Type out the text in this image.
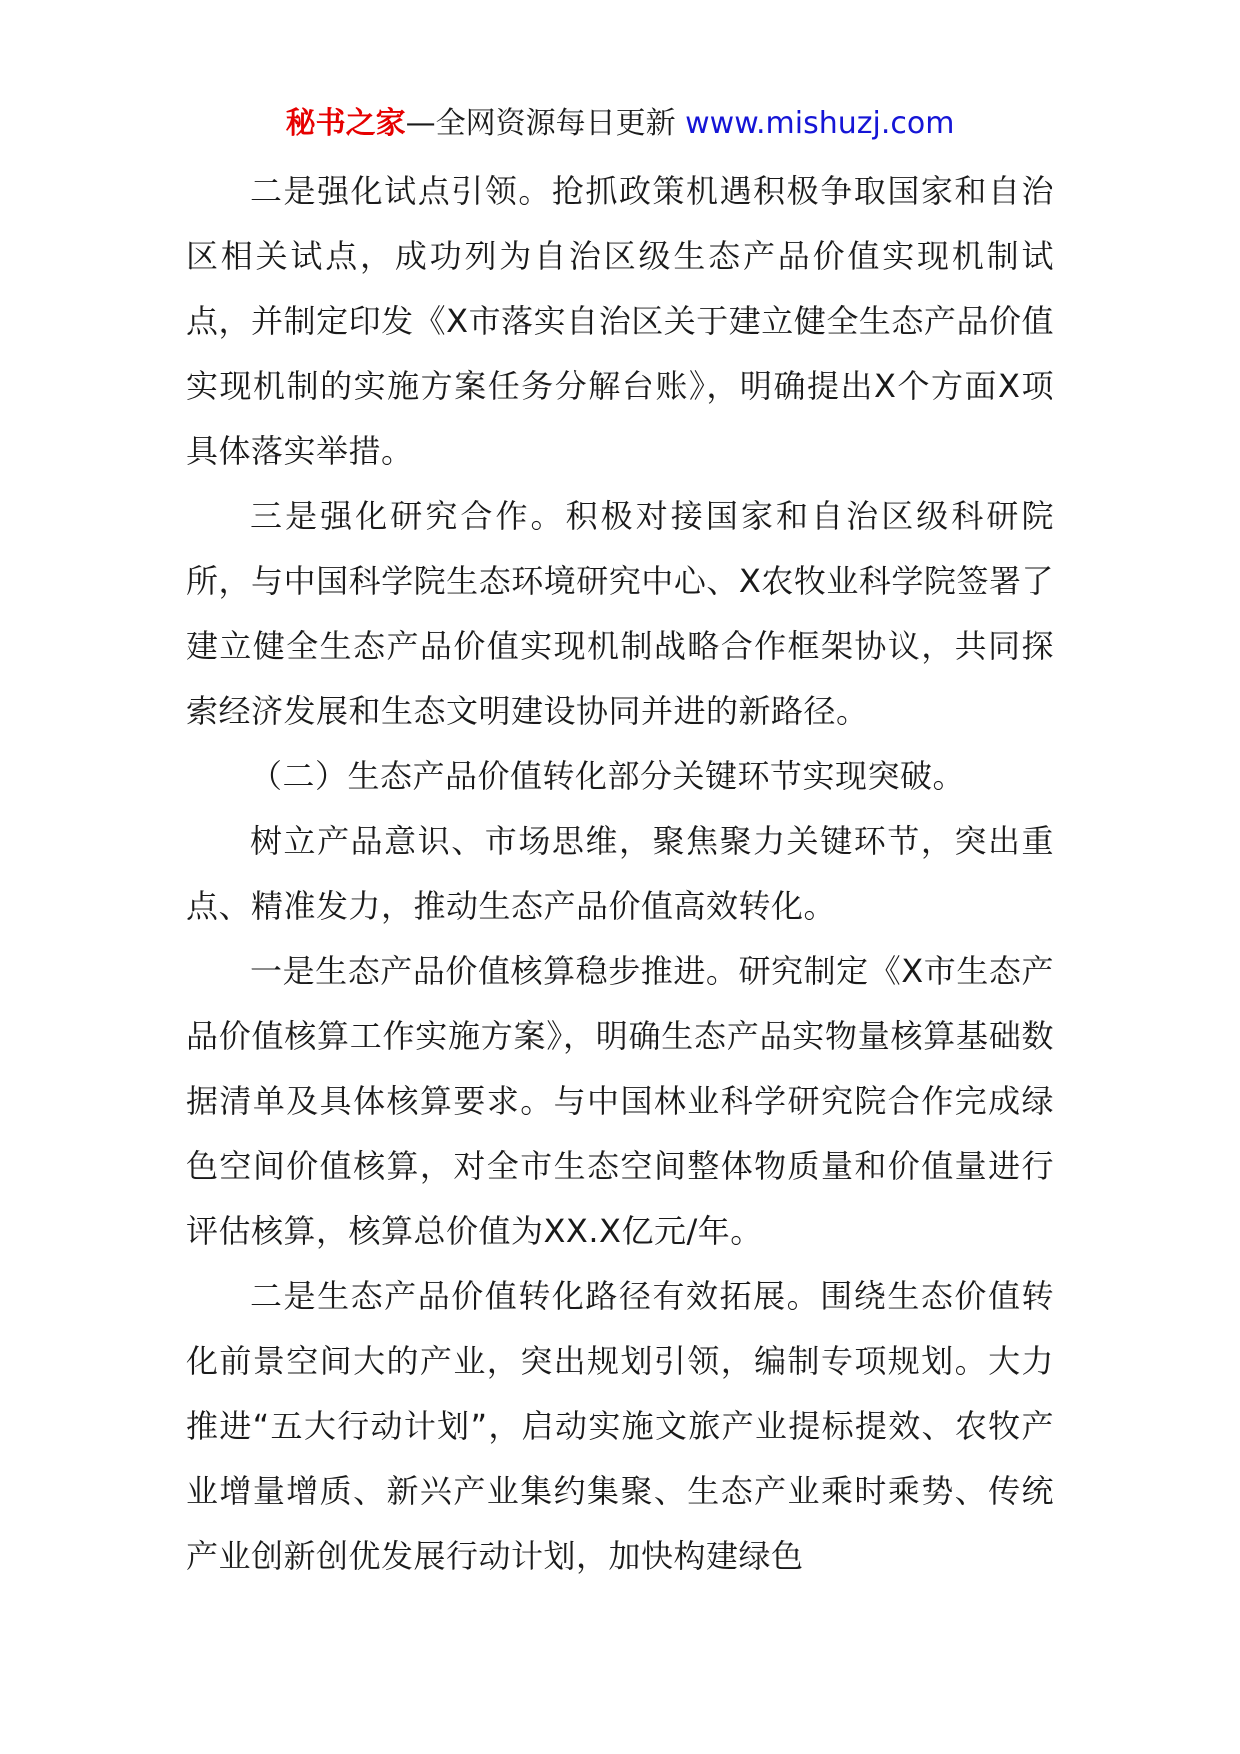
秘书之家—全网资源每日更新 www.mishuzj.com

二是强化试点引领。抢抓政策机遇积极争取国家和自治区相关试点，成功列为自治区级生态产品价值实现机制试点，并制定印发《X市落实自治区关于建立健全生态产品价值实现机制的实施方案任务分解台账》，明确提出X个方面X项具体落实举措。

三是强化研究合作。积极对接国家和自治区级科研院所，与中国科学院生态环境研究中心、X农牧业科学院签署了建立健全生态产品价值实现机制战略合作框架协议，共同探索经济发展和生态文明建设协同并进的新路径。

（二）生态产品价值转化部分关键环节实现突破。

树立产品意识、市场思维，聚焦聚力关键环节，突出重点、精准发力，推动生态产品价值高效转化。

一是生态产品价值核算稳步推进。研究制定《X市生态产品价值核算工作实施方案》，明确生态产品实物量核算基础数据清单及具体核算要求。与中国林业科学研究院合作完成绿色空间价值核算，对全市生态空间整体物质量和价值量进行评估核算，核算总价值为XX.X亿元/年。

二是生态产品价值转化路径有效拓展。围绕生态价值转化前景空间大的产业，突出规划引领，编制专项规划。大力推进“五大行动计划”，启动实施文旅产业提标提效、农牧产业增量增质、新兴产业集约集聚、生态产业乘时乘势、传统产业创新创优发展行动计划，加快构建绿色
